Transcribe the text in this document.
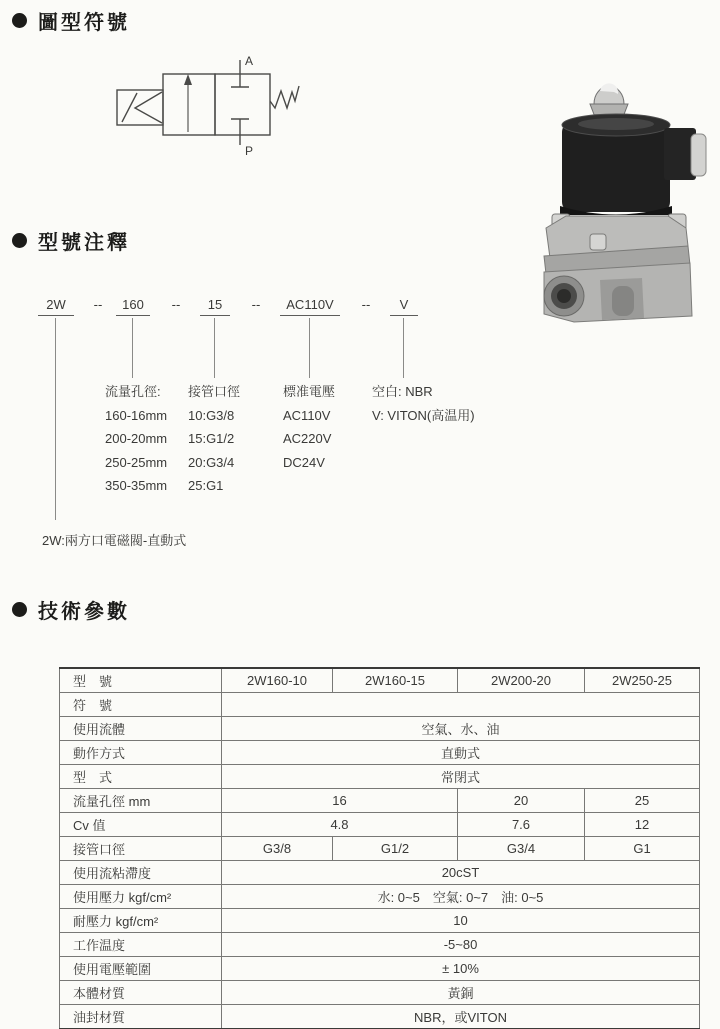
圖型符號
A
P
型號注釋
2W	--	160	--	15	--	AC110V	--	V
流量孔徑:
160-16mm
200-20mm
250-25mm
350-35mm
接管口徑
10:G3/8
15:G1/2
20:G3/4
25:G1
標准電壓
AC110V
AC220V
DC24V
空白: NBR
V: VITON(高温用)
2W:兩方口電磁閥-直動式
技術參數
型　號	2W160-10	2W160-15	2W200-20	2W250-25
符　號				
使用流體	空氣、水、油			
動作方式	直動式			
型　式	常閉式			
流量孔徑 mm	16		20	25
Cv 值	4.8		7.6	12
接管口徑	G3/8	G1/2	G3/4	G1
使用流粘滯度	20cST			
使用壓力 kgf/cm²	水: 0~5　空氣: 0~7　油: 0~5			
耐壓力 kgf/cm²	10			
工作温度	-5~80			
使用電壓範圍	± 10%			
本體材質	黃銅			
油封材質	NBR，或VITON			
